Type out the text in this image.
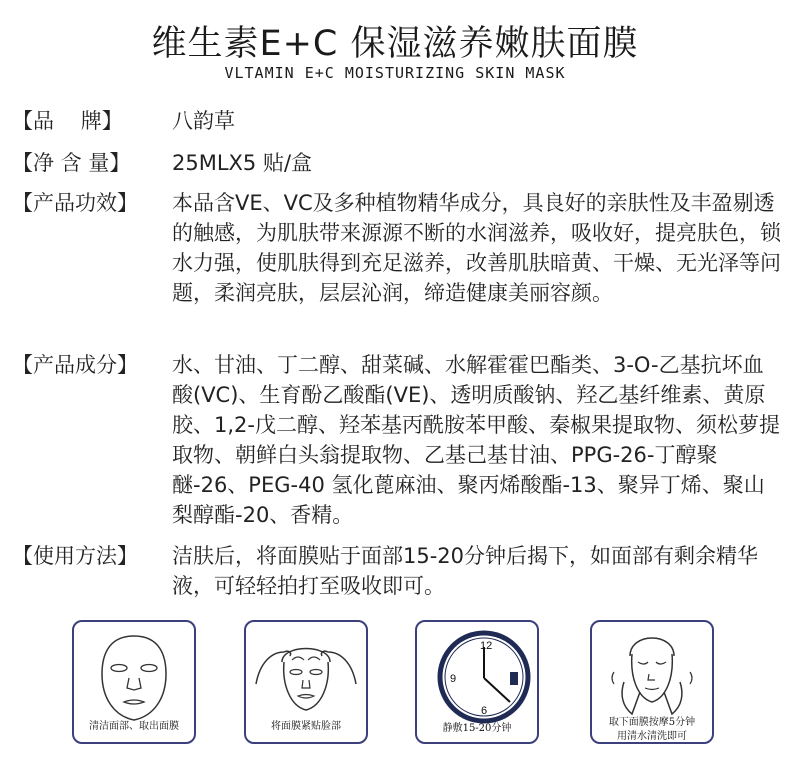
维生素E+C 保湿滋养嫩肤面膜
VLTAMIN E+C MOISTURIZING SKIN MASK
【品    牌】	八韵草
【净 含 量】	25MLX5 贴/盒
【产品功效】	本品含VE、VC及多种植物精华成分，具良好的亲肤性及丰盈剔透的触感，为肌肤带来源源不断的水润滋养，吸收好，提亮肤色，锁水力强，使肌肤得到充足滋养，改善肌肤暗黄、干燥、无光泽等问题，柔润亮肤，层层沁润，缔造健康美丽容颜。
【产品成分】	水、甘油、丁二醇、甜菜碱、水解霍霍巴酯类、3-O-乙基抗坏血酸(VC)、生育酚乙酸酯(VE)、透明质酸钠、羟乙基纤维素、黄原胶、1,2-戊二醇、羟苯基丙酰胺苯甲酸、秦椒果提取物、须松萝提取物、朝鲜白头翁提取物、乙基己基甘油、PPG-26-丁醇聚醚-26、PEG-40 氢化蓖麻油、聚丙烯酸酯-13、聚异丁烯、聚山梨醇酯-20、香精。
【使用方法】	洁肤后，将面膜贴于面部15-20分钟后揭下，如面部有剩余精华液，可轻轻拍打至吸收即可。
清洁面部、取出面膜	将面膜紧贴脸部
12
9
6
静敷15-20分钟
取下面膜按摩5分钟
用清水清洗即可
